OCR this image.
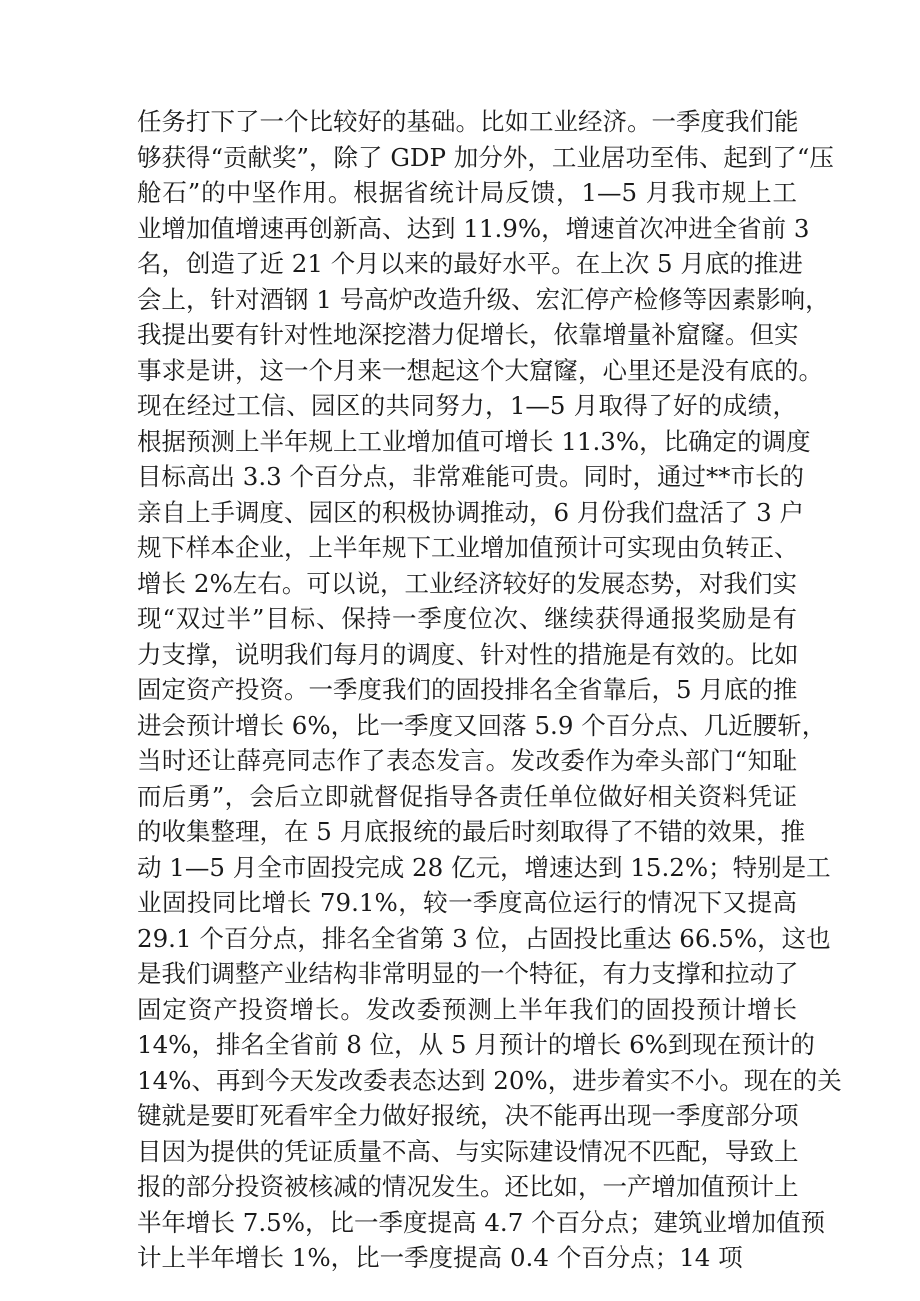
任务打下了一个比较好的基础。比如工业经济。一季度我们能
够获得“贡献奖”，除了 GDP 加分外，工业居功至伟、起到了“压
舱石”的中坚作用。根据省统计局反馈，1—5 月我市规上工
业增加值增速再创新高、达到 11.9%，增速首次冲进全省前 3
名，创造了近 21 个月以来的最好水平。在上次 5 月底的推进
会上，针对酒钢 1 号高炉改造升级、宏汇停产检修等因素影响，
我提出要有针对性地深挖潜力促增长，依靠增量补窟窿。但实
事求是讲，这一个月来一想起这个大窟窿，心里还是没有底的。
现在经过工信、园区的共同努力，1—5 月取得了好的成绩，
根据预测上半年规上工业增加值可增长 11.3%，比确定的调度
目标高出 3.3 个百分点，非常难能可贵。同时，通过**市长的
亲自上手调度、园区的积极协调推动，6 月份我们盘活了 3 户
规下样本企业，上半年规下工业增加值预计可实现由负转正、
增长 2%左右。可以说，工业经济较好的发展态势，对我们实
现“双过半”目标、保持一季度位次、继续获得通报奖励是有
力支撑，说明我们每月的调度、针对性的措施是有效的。比如
固定资产投资。一季度我们的固投排名全省靠后，5 月底的推
进会预计增长 6%，比一季度又回落 5.9 个百分点、几近腰斩，
当时还让薛亮同志作了表态发言。发改委作为牵头部门“知耻
而后勇”，会后立即就督促指导各责任单位做好相关资料凭证
的收集整理，在 5 月底报统的最后时刻取得了不错的效果，推
动 1—5 月全市固投完成 28 亿元，增速达到 15.2%；特别是工
业固投同比增长 79.1%，较一季度高位运行的情况下又提高
29.1 个百分点，排名全省第 3 位，占固投比重达 66.5%，这也
是我们调整产业结构非常明显的一个特征，有力支撑和拉动了
固定资产投资增长。发改委预测上半年我们的固投预计增长
14%，排名全省前 8 位，从 5 月预计的增长 6%到现在预计的
14%、再到今天发改委表态达到 20%，进步着实不小。现在的关
键就是要盯死看牢全力做好报统，决不能再出现一季度部分项
目因为提供的凭证质量不高、与实际建设情况不匹配，导致上
报的部分投资被核减的情况发生。还比如，一产增加值预计上
半年增长 7.5%，比一季度提高 4.7 个百分点；建筑业增加值预
计上半年增长 1%，比一季度提高 0.4 个百分点；14 项
